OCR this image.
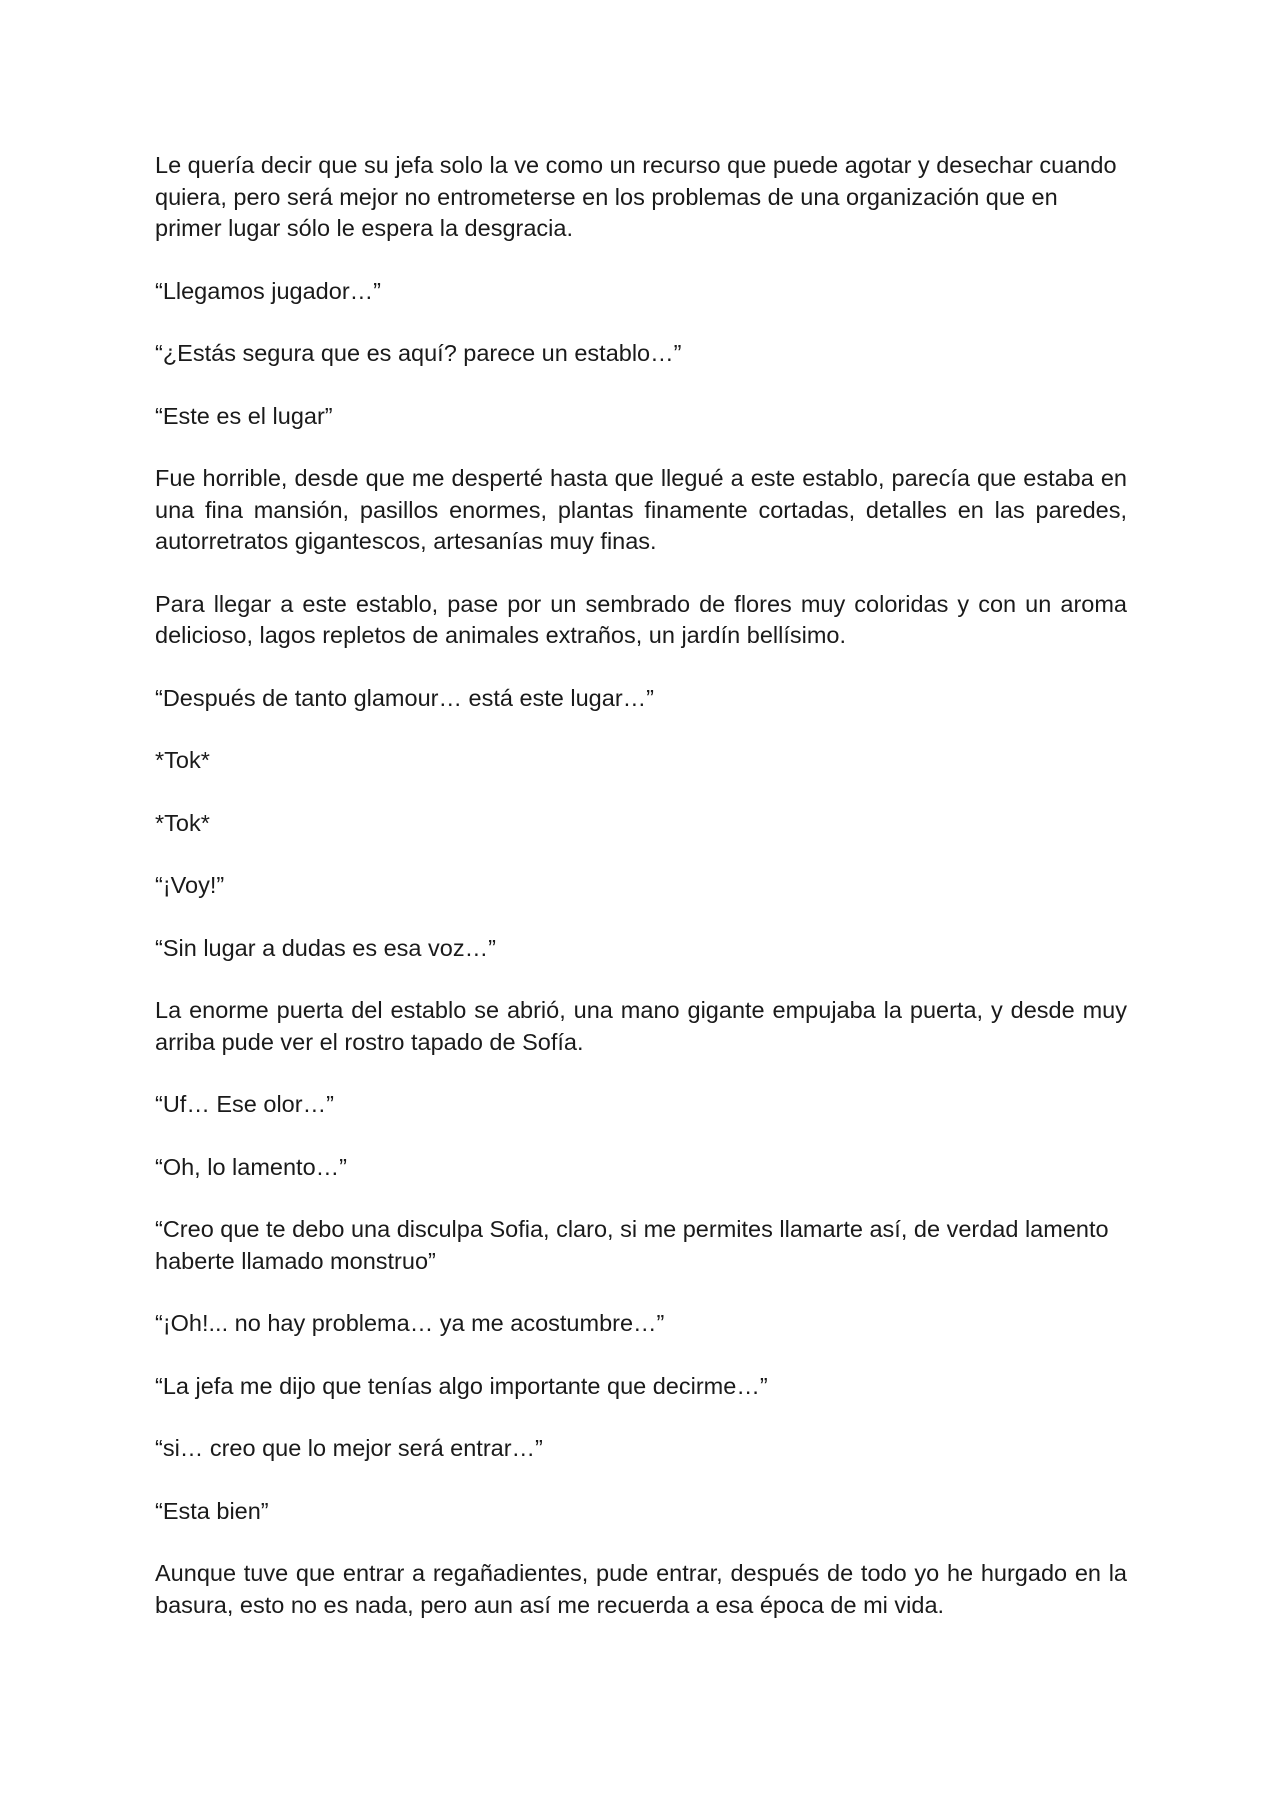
Le quería decir que su jefa solo la ve como un recurso que puede agotar y desechar cuando quiera, pero será mejor no entrometerse en los problemas de una organización que en primer lugar sólo le espera la desgracia.

“Llegamos jugador…”

“¿Estás segura que es aquí? parece un establo…”

“Este es el lugar”

Fue horrible, desde que me desperté hasta que llegué a este establo, parecía que estaba en una fina mansión, pasillos enormes, plantas finamente cortadas, detalles en las paredes, autorretratos gigantescos, artesanías muy finas.

Para llegar a este establo, pase por un sembrado de flores muy coloridas y con un aroma delicioso, lagos repletos de animales extraños, un jardín bellísimo.

“Después de tanto glamour… está este lugar…”

*Tok*

*Tok*

“¡Voy!”

“Sin lugar a dudas es esa voz…”

La enorme puerta del establo se abrió, una mano gigante empujaba la puerta, y desde muy arriba pude ver el rostro tapado de Sofía.

“Uf… Ese olor…”

“Oh, lo lamento…”

“Creo que te debo una disculpa Sofia, claro, si me permites llamarte así, de verdad lamento haberte llamado monstruo”

“¡Oh!... no hay problema… ya me acostumbre…”

“La jefa me dijo que tenías algo importante que decirme…”

“si… creo que lo mejor será entrar…”

“Esta bien”

Aunque tuve que entrar a regañadientes, pude entrar, después de todo yo he hurgado en la basura, esto no es nada, pero aun así me recuerda a esa época de mi vida.
